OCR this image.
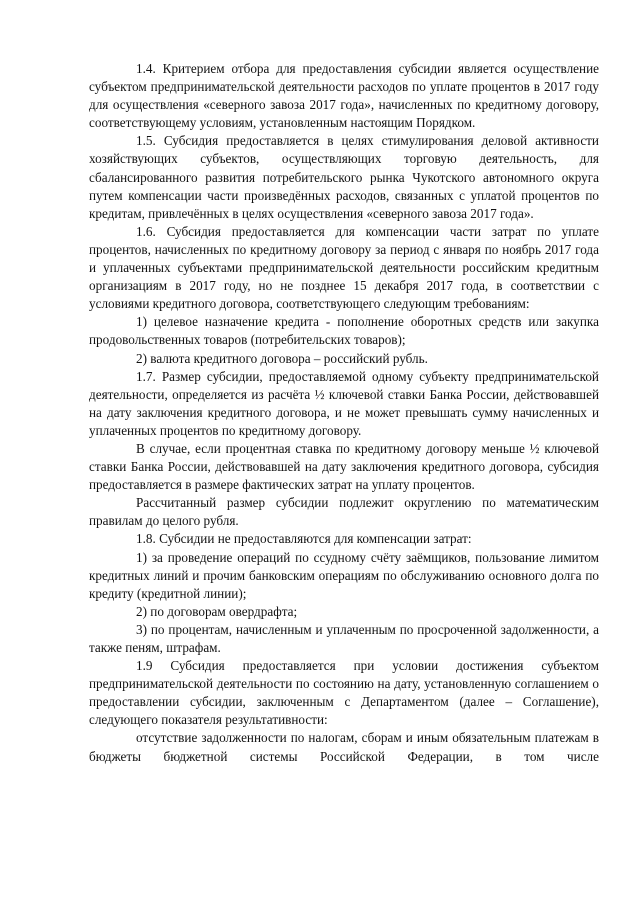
1.4. Критерием отбора для предоставления субсидии является осуществление субъектом предпринимательской деятельности расходов по уплате процентов в 2017 году для осуществления «северного завоза 2017 года», начисленных по кредитному договору, соответствующему условиям, установленным настоящим Порядком.

1.5. Субсидия предоставляется в целях стимулирования деловой активности хозяйствующих субъектов, осуществляющих торговую деятельность, для сбалансированного развития потребительского рынка Чукотского автономного округа путем компенсации части произведённых расходов, связанных с уплатой процентов по кредитам, привлечённых в целях осуществления «северного завоза 2017 года».

1.6. Субсидия предоставляется для компенсации части затрат по уплате процентов, начисленных по кредитному договору за период с января по ноябрь 2017 года и уплаченных субъектами предпринимательской деятельности российским кредитным организациям в 2017 году, но не позднее 15 декабря 2017 года, в соответствии с условиями кредитного договора, соответствующего следующим требованиям:

1) целевое назначение кредита - пополнение оборотных средств или закупка продовольственных товаров (потребительских товаров);

2) валюта кредитного договора – российский рубль.

1.7. Размер субсидии, предоставляемой одному субъекту предпринимательской деятельности, определяется из расчёта ½ ключевой ставки Банка России, действовавшей на дату заключения кредитного договора, и не может превышать сумму начисленных и уплаченных процентов по кредитному договору.

В случае, если процентная ставка по кредитному договору меньше ½ ключевой ставки Банка России, действовавшей на дату заключения кредитного договора, субсидия предоставляется в размере фактических затрат на уплату процентов.

Рассчитанный размер субсидии подлежит округлению по математическим правилам до целого рубля.

1.8. Субсидии не предоставляются для компенсации затрат:

1) за проведение операций по ссудному счёту заёмщиков, пользование лимитом кредитных линий и прочим банковским операциям по обслуживанию основного долга по кредиту (кредитной линии);

2) по договорам овердрафта;

3) по процентам, начисленным и уплаченным по просроченной задолженности, а также пеням, штрафам.

1.9 Субсидия предоставляется при условии достижения субъектом предпринимательской деятельности по состоянию на дату, установленную соглашением о предоставлении субсидии, заключенным с Департаментом (далее – Соглашение), следующего показателя результативности:

отсутствие задолженности по налогам, сборам и иным обязательным платежам в бюджеты бюджетной системы Российской Федерации, в том числе
